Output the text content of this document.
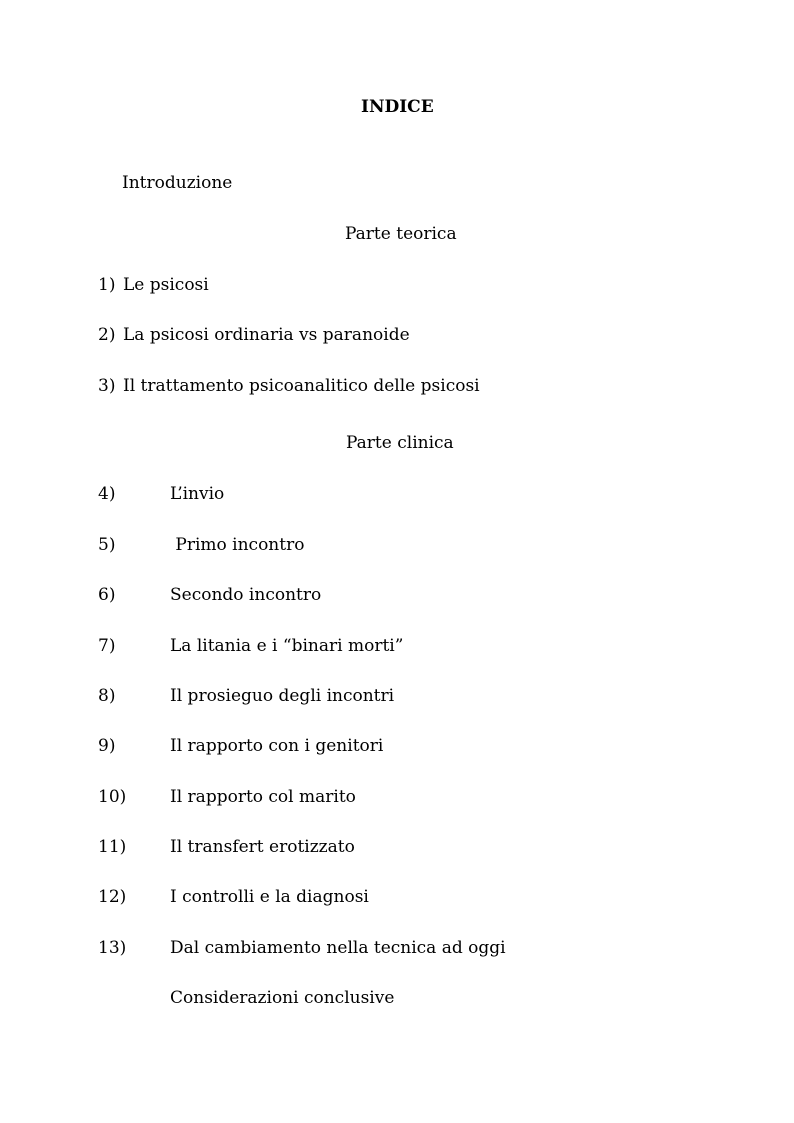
INDICE
Introduzione
Parte teorica
1) Le psicosi
2) La psicosi ordinaria vs paranoide
3) Il trattamento psicoanalitico delle psicosi
Parte clinica
4)	L’invio
5)	Primo incontro
6)	Secondo incontro
7)	La litania e i “binari morti”
8)	Il prosieguo degli incontri
9)	Il rapporto con i genitori
10)	Il rapporto col marito
11)	Il transfert erotizzato
12)	I controlli e la diagnosi
13)	Dal cambiamento nella tecnica ad oggi
Considerazioni conclusive
